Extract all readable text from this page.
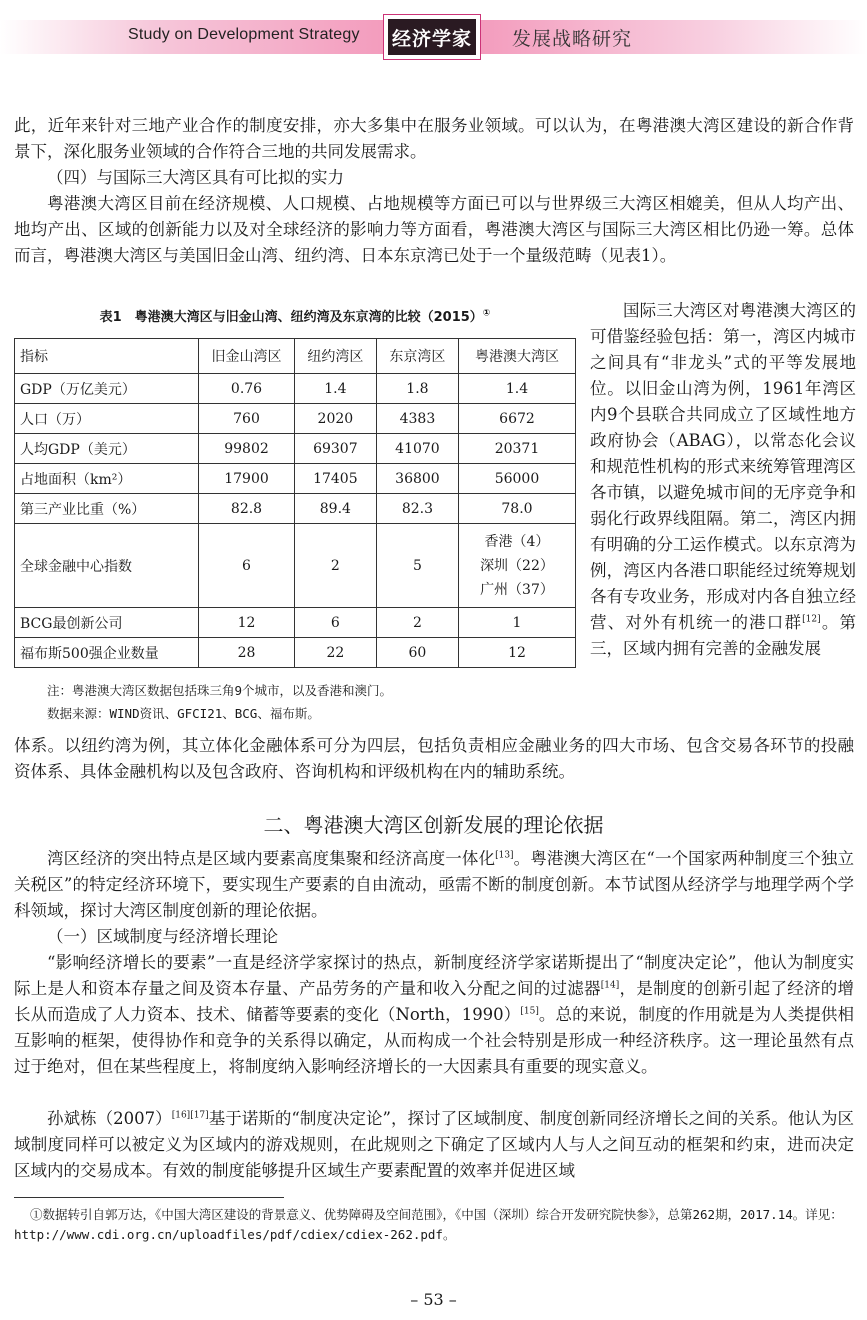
Study on Development Strategy 经济学家 发展战略研究

此，近年来针对三地产业合作的制度安排，亦大多集中在服务业领域。可以认为，在粤港澳大湾区建设的新合作背景下，深化服务业领域的合作符合三地的共同发展需求。

（四）与国际三大湾区具有可比拟的实力

粤港澳大湾区目前在经济规模、人口规模、占地规模等方面已可以与世界级三大湾区相媲美，但从人均产出、地均产出、区域的创新能力以及对全球经济的影响力等方面看，粤港澳大湾区与国际三大湾区相比仍逊一筹。总体而言，粤港澳大湾区与美国旧金山湾、纽约湾、日本东京湾已处于一个量级范畴（见表1）。

表1　粤港澳大湾区与旧金山湾、纽约湾及东京湾的比较（2015）①
指标	旧金山湾区	纽约湾区	东京湾区	粤港澳大湾区
GDP（万亿美元）	0.76	1.4	1.8	1.4
人口（万）	760	2020	4383	6672
人均GDP（美元）	99802	69307	41070	20371
占地面积（km²）	17900	17405	36800	56000
第三产业比重（%）	82.8	89.4	82.3	78.0
全球金融中心指数	6	2	5	香港（4）
深圳（22）
广州（37）

BCG最创新公司	12	6	2	1
福布斯500强企业数量	28	22	60	12
注：粤港澳大湾区数据包括珠三角9个城市，以及香港和澳门。
数据来源：WIND资讯、GFCI21、BCG、福布斯。

国际三大湾区对粤港澳大湾区的可借鉴经验包括：第一，湾区内城市之间具有“非龙头”式的平等发展地位。以旧金山湾为例，1961年湾区内9个县联合共同成立了区域性地方政府协会（ABAG），以常态化会议和规范性机构的形式来统筹管理湾区各市镇，以避免城市间的无序竞争和弱化行政界线阻隔。第二，湾区内拥有明确的分工运作模式。以东京湾为例，湾区内各港口职能经过统筹规划各有专攻业务，形成对内各自独立经营、对外有机统一的港口群[12]。第三，区域内拥有完善的金融发展

体系。以纽约湾为例，其立体化金融体系可分为四层，包括负责相应金融业务的四大市场、包含交易各环节的投融资体系、具体金融机构以及包含政府、咨询机构和评级机构在内的辅助系统。

二、粤港澳大湾区创新发展的理论依据

湾区经济的突出特点是区域内要素高度集聚和经济高度一体化[13]。粤港澳大湾区在“一个国家两种制度三个独立关税区”的特定经济环境下，要实现生产要素的自由流动，亟需不断的制度创新。本节试图从经济学与地理学两个学科领域，探讨大湾区制度创新的理论依据。

（一）区域制度与经济增长理论

“影响经济增长的要素”一直是经济学家探讨的热点，新制度经济学家诺斯提出了“制度决定论”，他认为制度实际上是人和资本存量之间及资本存量、产品劳务的产量和收入分配之间的过滤器[14]，是制度的创新引起了经济的增长从而造成了人力资本、技术、储蓄等要素的变化（North，1990）[15]。总的来说，制度的作用就是为人类提供相互影响的框架，使得协作和竞争的关系得以确定，从而构成一个社会特别是形成一种经济秩序。这一理论虽然有点过于绝对，但在某些程度上，将制度纳入影响经济增长的一大因素具有重要的现实意义。

孙斌栋（2007）[16][17]基于诺斯的“制度决定论”，探讨了区域制度、制度创新同经济增长之间的关系。他认为区域制度同样可以被定义为区域内的游戏规则，在此规则之下确定了区域内人与人之间互动的框架和约束，进而决定区域内的交易成本。有效的制度能够提升区域生产要素配置的效率并促进区域

①数据转引自郭万达，《中国大湾区建设的背景意义、优势障碍及空间范围》，《中国（深圳）综合开发研究院快参》，总第262期，2017.14。详见：http://www.cdi.org.cn/uploadfiles/pdf/cdiex/cdiex-262.pdf。

– 53 –
